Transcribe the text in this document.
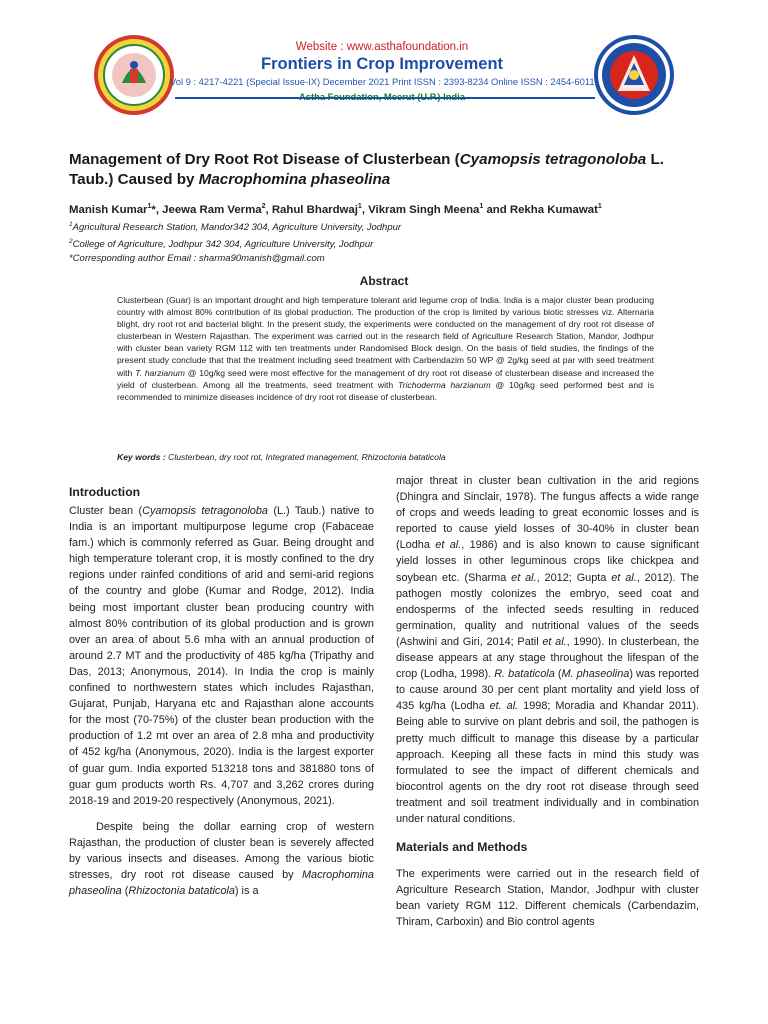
Website : www.asthafoundation.in
Frontiers in Crop Improvement
Vol 9 : 4217-4221 (Special Issue-IX) December 2021 Print ISSN : 2393-8234 Online ISSN : 2454-6011
Management of Dry Root Rot Disease of Clusterbean (Cyamopsis tetragonoloba L. Taub.) Caused by Macrophomina phaseolina
Manish Kumar$^1$*, Jeewa Ram Verma$^2$, Rahul Bhardwaj$^1$, Vikram Singh Meena$^1$ and Rekha Kumawat$^1$
$^1$Agricultural Research Station, Mandor342 304, Agriculture University, Jodhpur
$^2$College of Agriculture, Jodhpur 342 304, Agriculture University, Jodhpur
*Corresponding author Email : sharma90manish@gmail.com
Abstract
Clusterbean (Guar) is an important drought and high temperature tolerant arid legume crop of India. India is a major cluster bean producing country with almost 80% contribution of its global production. The production of the crop is limited by various biotic stresses viz. Alternaria blight, dry root rot and bacterial blight. In the present study, the experiments were conducted on the management of dry root rot disease of clusterbean in Western Rajasthan. The experiment was carried out in the research field of Agriculture Research Station, Mandor, Jodhpur with cluster bean variety RGM 112 with ten treatments under Randomised Block design. On the basis of field studies, the findings of the present study conclude that that the treatment including seed treatment with Carbendazim 50 WP @ 2g/kg seed at par with seed treatment with T. harzianum @ 10g/kg seed were most effective for the management of dry root rot disease of clusterbean disease and increased the yield of clusterbean. Among all the treatments, seed treatment with Trichoderma harzianum @ 10g/kg seed performed best and is recommended to minimize diseases incidence of dry root rot disease of clusterbean.
Key words : Clusterbean, dry root rot, Integrated management, Rhizoctonia bataticola
Introduction

Cluster bean (Cyamopsis tetragonoloba (L.) Taub.) native to India is an important multipurpose legume crop (Fabaceae fam.) which is commonly referred as Guar. Being drought and high temperature tolerant crop, it is mostly confined to the dry regions under rainfed conditions of arid and semi-arid regions of the country and globe (Kumar and Rodge, 2012). India being most important cluster bean producing country with almost 80% contribution of its global production and is grown over an area of about 5.6 mha with an annual production of around 2.7 MT and the productivity of 485 kg/ha (Tripathy and Das, 2013; Anonymous, 2014). In India the crop is mainly confined to northwestern states which includes Rajasthan, Gujarat, Punjab, Haryana etc and Rajasthan alone accounts for the most (70-75%) of the cluster bean production with the production of 1.2 mt over an area of 2.8 mha and productivity of 452 kg/ha (Anonymous, 2020). India is the largest exporter of guar gum. India exported 513218 tons and 381880 tons of guar gum products worth Rs. 4,707 and 3,262 crores during 2018-19 and 2019-20 respectively (Anonymous, 2021).

Despite being the dollar earning crop of western Rajasthan, the production of cluster bean is severely affected by various insects and diseases. Among the various biotic stresses, dry root rot disease caused by Macrophomina phaseolina (Rhizoctonia bataticola) is a

major threat in cluster bean cultivation in the arid regions (Dhingra and Sinclair, 1978). The fungus affects a wide range of crops and weeds leading to great economic losses and is reported to cause yield losses of 30-40% in cluster bean (Lodha et al., 1986) and is also known to cause significant yield losses in other leguminous crops like chickpea and soybean etc. (Sharma et al., 2012; Gupta et al., 2012). The pathogen mostly colonizes the embryo, seed coat and endosperms of the infected seeds resulting in reduced germination, quality and nutritional values of the seeds (Ashwini and Giri, 2014; Patil et al., 1990). In clusterbean, the disease appears at any stage throughout the lifespan of the crop (Lodha, 1998). R. bataticola (M. phaseolina) was reported to cause around 30 per cent plant mortality and yield loss of 435 kg/ha (Lodha et. al. 1998; Moradia and Khandar 2011). Being able to survive on plant debris and soil, the pathogen is pretty much difficult to manage this disease by a particular approach. Keeping all these facts in mind this study was formulated to see the impact of different chemicals and biocontrol agents on the dry root rot disease through seed treatment and soil treatment individually and in combination under natural conditions.

Materials and Methods

The experiments were carried out in the research field of Agriculture Research Station, Mandor, Jodhpur with cluster bean variety RGM 112. Different chemicals (Carbendazim, Thiram, Carboxin) and Bio control agents
